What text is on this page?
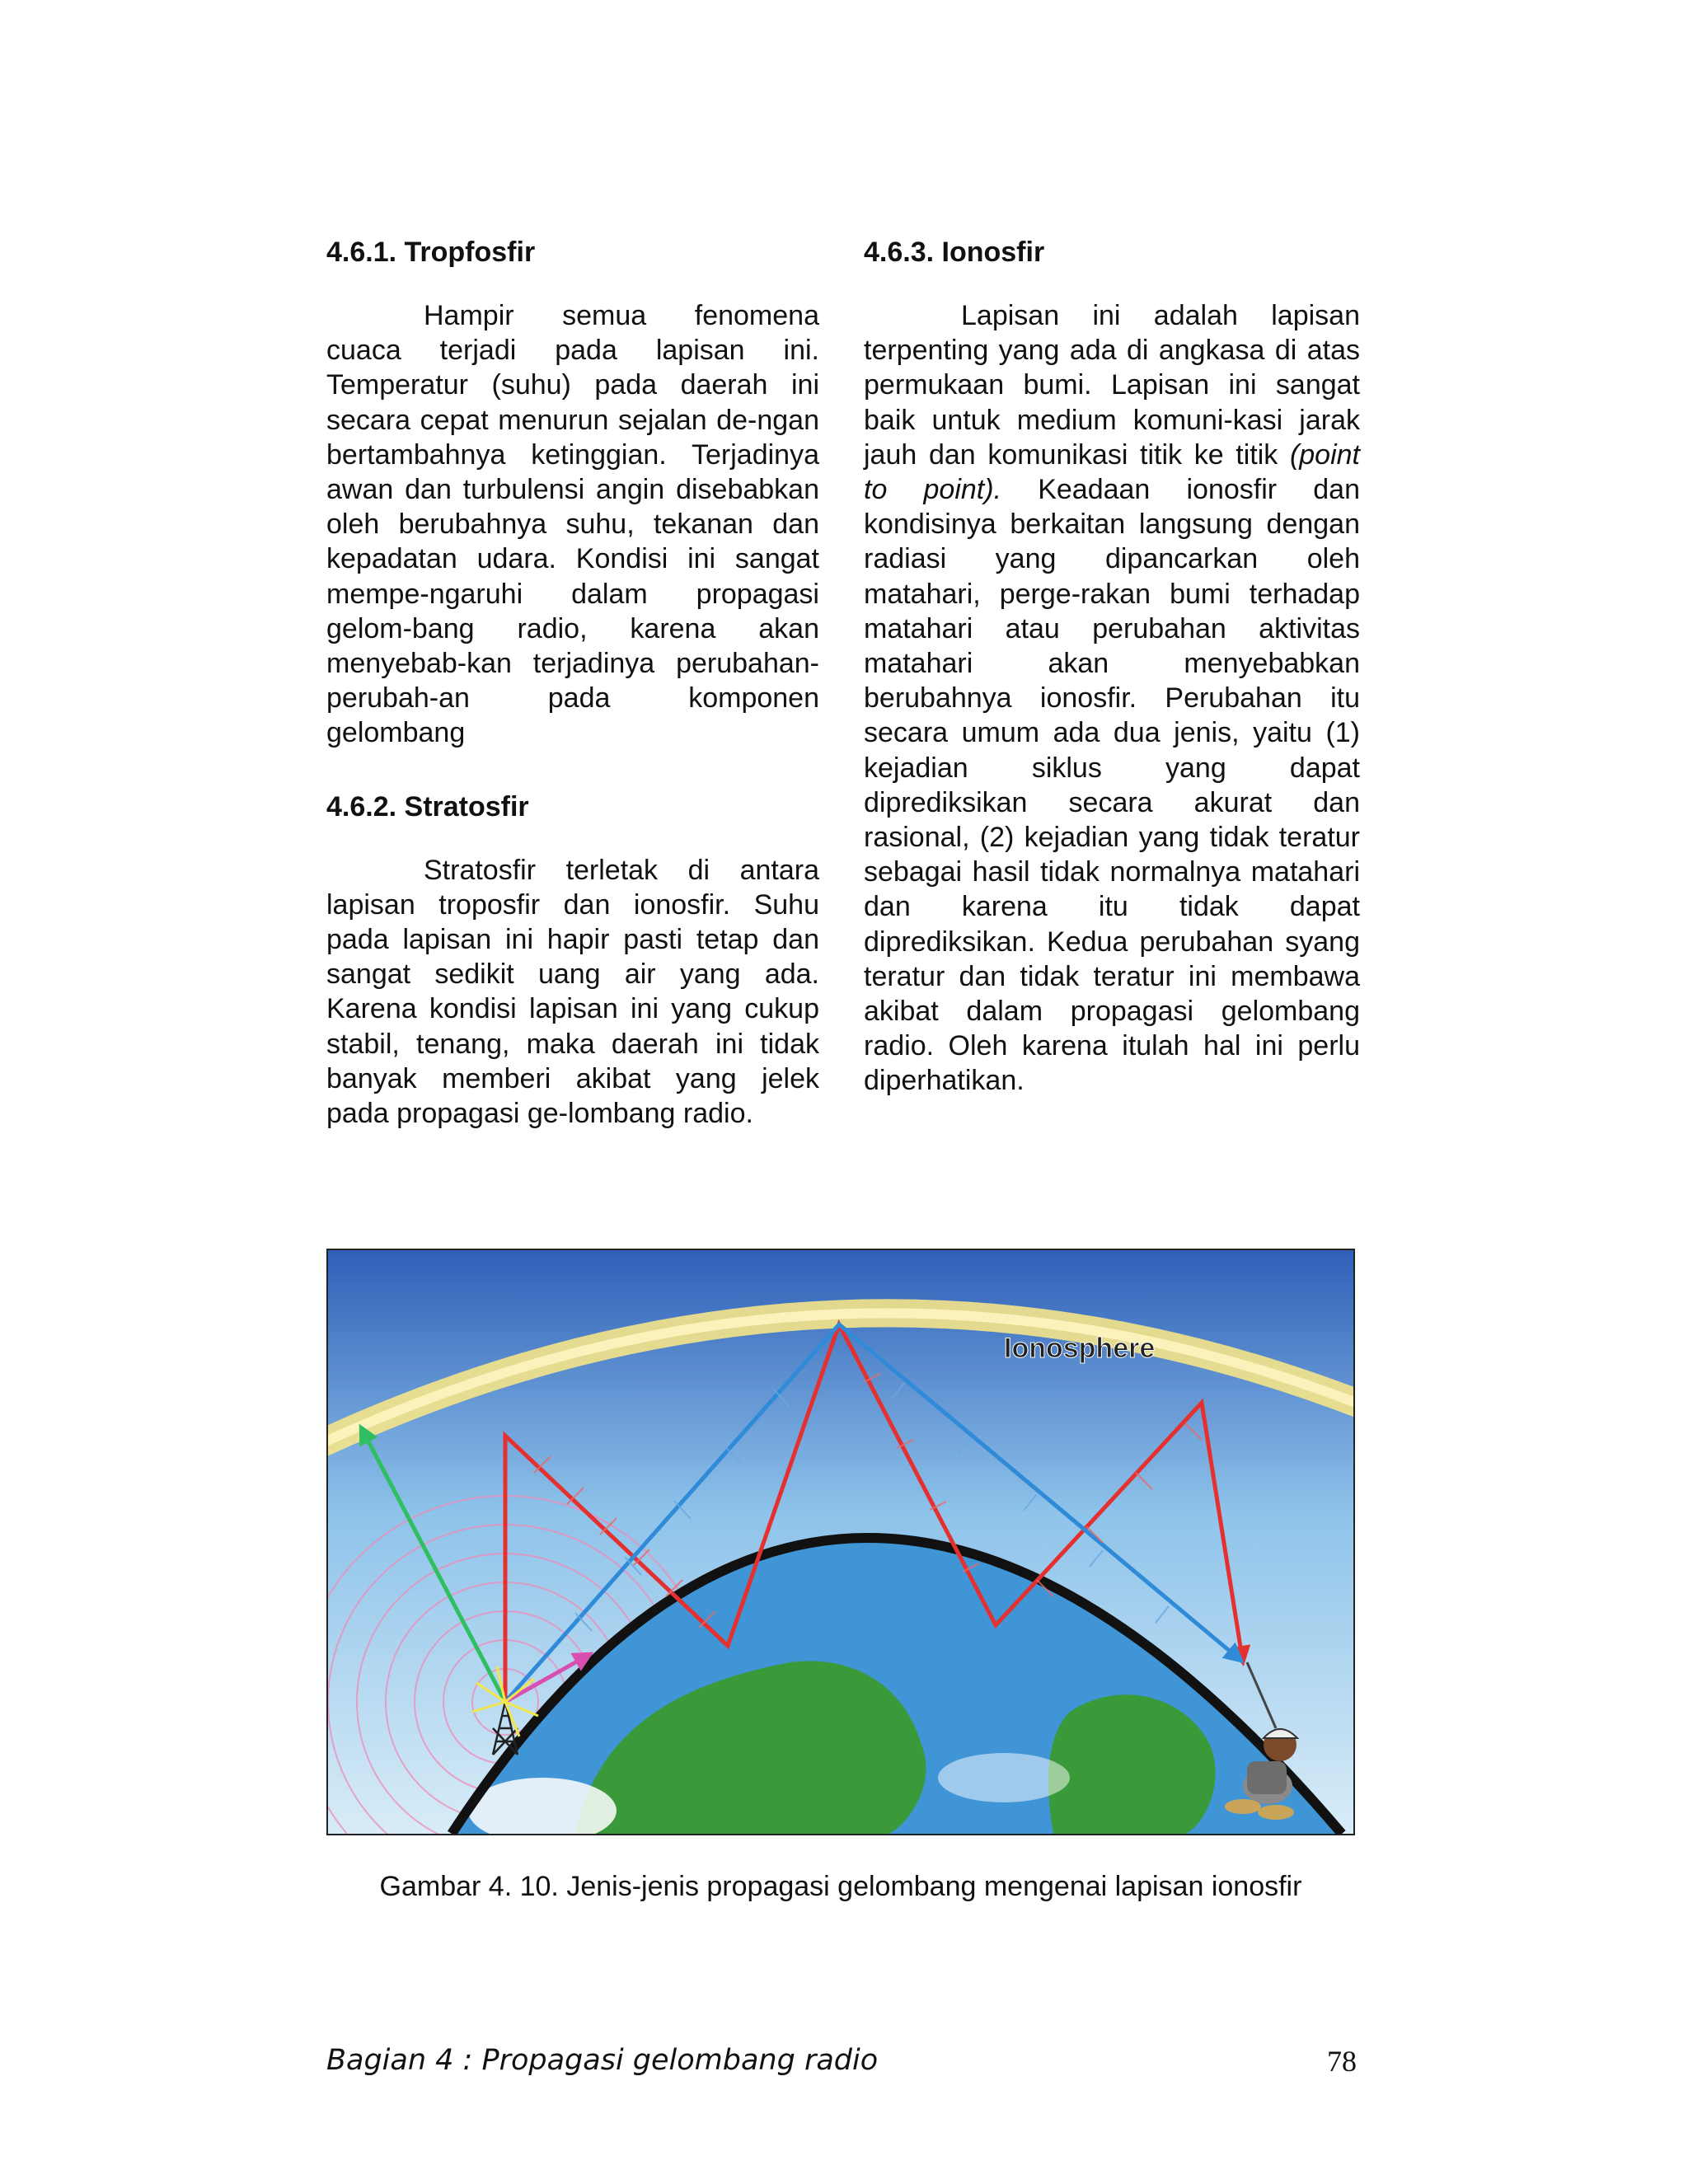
4.6.1. Tropfosfir

Hampir semua fenomena cuaca terjadi pada lapisan ini. Temperatur (suhu) pada daerah ini secara cepat menurun sejalan de-ngan bertambahnya ketinggian. Terjadinya awan dan turbulensi angin disebabkan oleh berubahnya suhu, tekanan dan kepadatan udara. Kondisi ini sangat mempe-ngaruhi dalam propagasi gelom-bang radio, karena akan menyebab-kan terjadinya perubahan-perubah-an pada komponen gelombang

4.6.2. Stratosfir

Stratosfir terletak di antara lapisan troposfir dan ionosfir. Suhu pada lapisan ini hapir pasti tetap dan sangat sedikit uang air yang ada. Karena kondisi lapisan ini yang cukup stabil, tenang, maka daerah ini tidak banyak memberi akibat yang jelek pada propagasi ge-lombang radio.

4.6.3. Ionosfir

Lapisan ini adalah lapisan terpenting yang ada di angkasa di atas permukaan bumi. Lapisan ini sangat baik untuk medium komuni-kasi jarak jauh dan komunikasi titik ke titik (point to point). Keadaan ionosfir dan kondisinya berkaitan langsung dengan radiasi yang dipancarkan oleh matahari, perge-rakan bumi terhadap matahari atau perubahan aktivitas matahari akan menyebabkan berubahnya ionosfir. Perubahan itu secara umum ada dua jenis, yaitu (1) kejadian siklus yang dapat diprediksikan secara akurat dan rasional, (2) kejadian yang tidak teratur sebagai hasil tidak normalnya matahari dan karena itu tidak dapat diprediksikan. Kedua perubahan syang teratur dan tidak teratur ini membawa akibat dalam propagasi gelombang radio. Oleh karena itulah hal ini perlu diperhatikan.

Ionosphere
Gambar 4. 10. Jenis-jenis propagasi gelombang mengenai lapisan ionosfir
Bagian 4 : Propagasi gelombang radio	78
